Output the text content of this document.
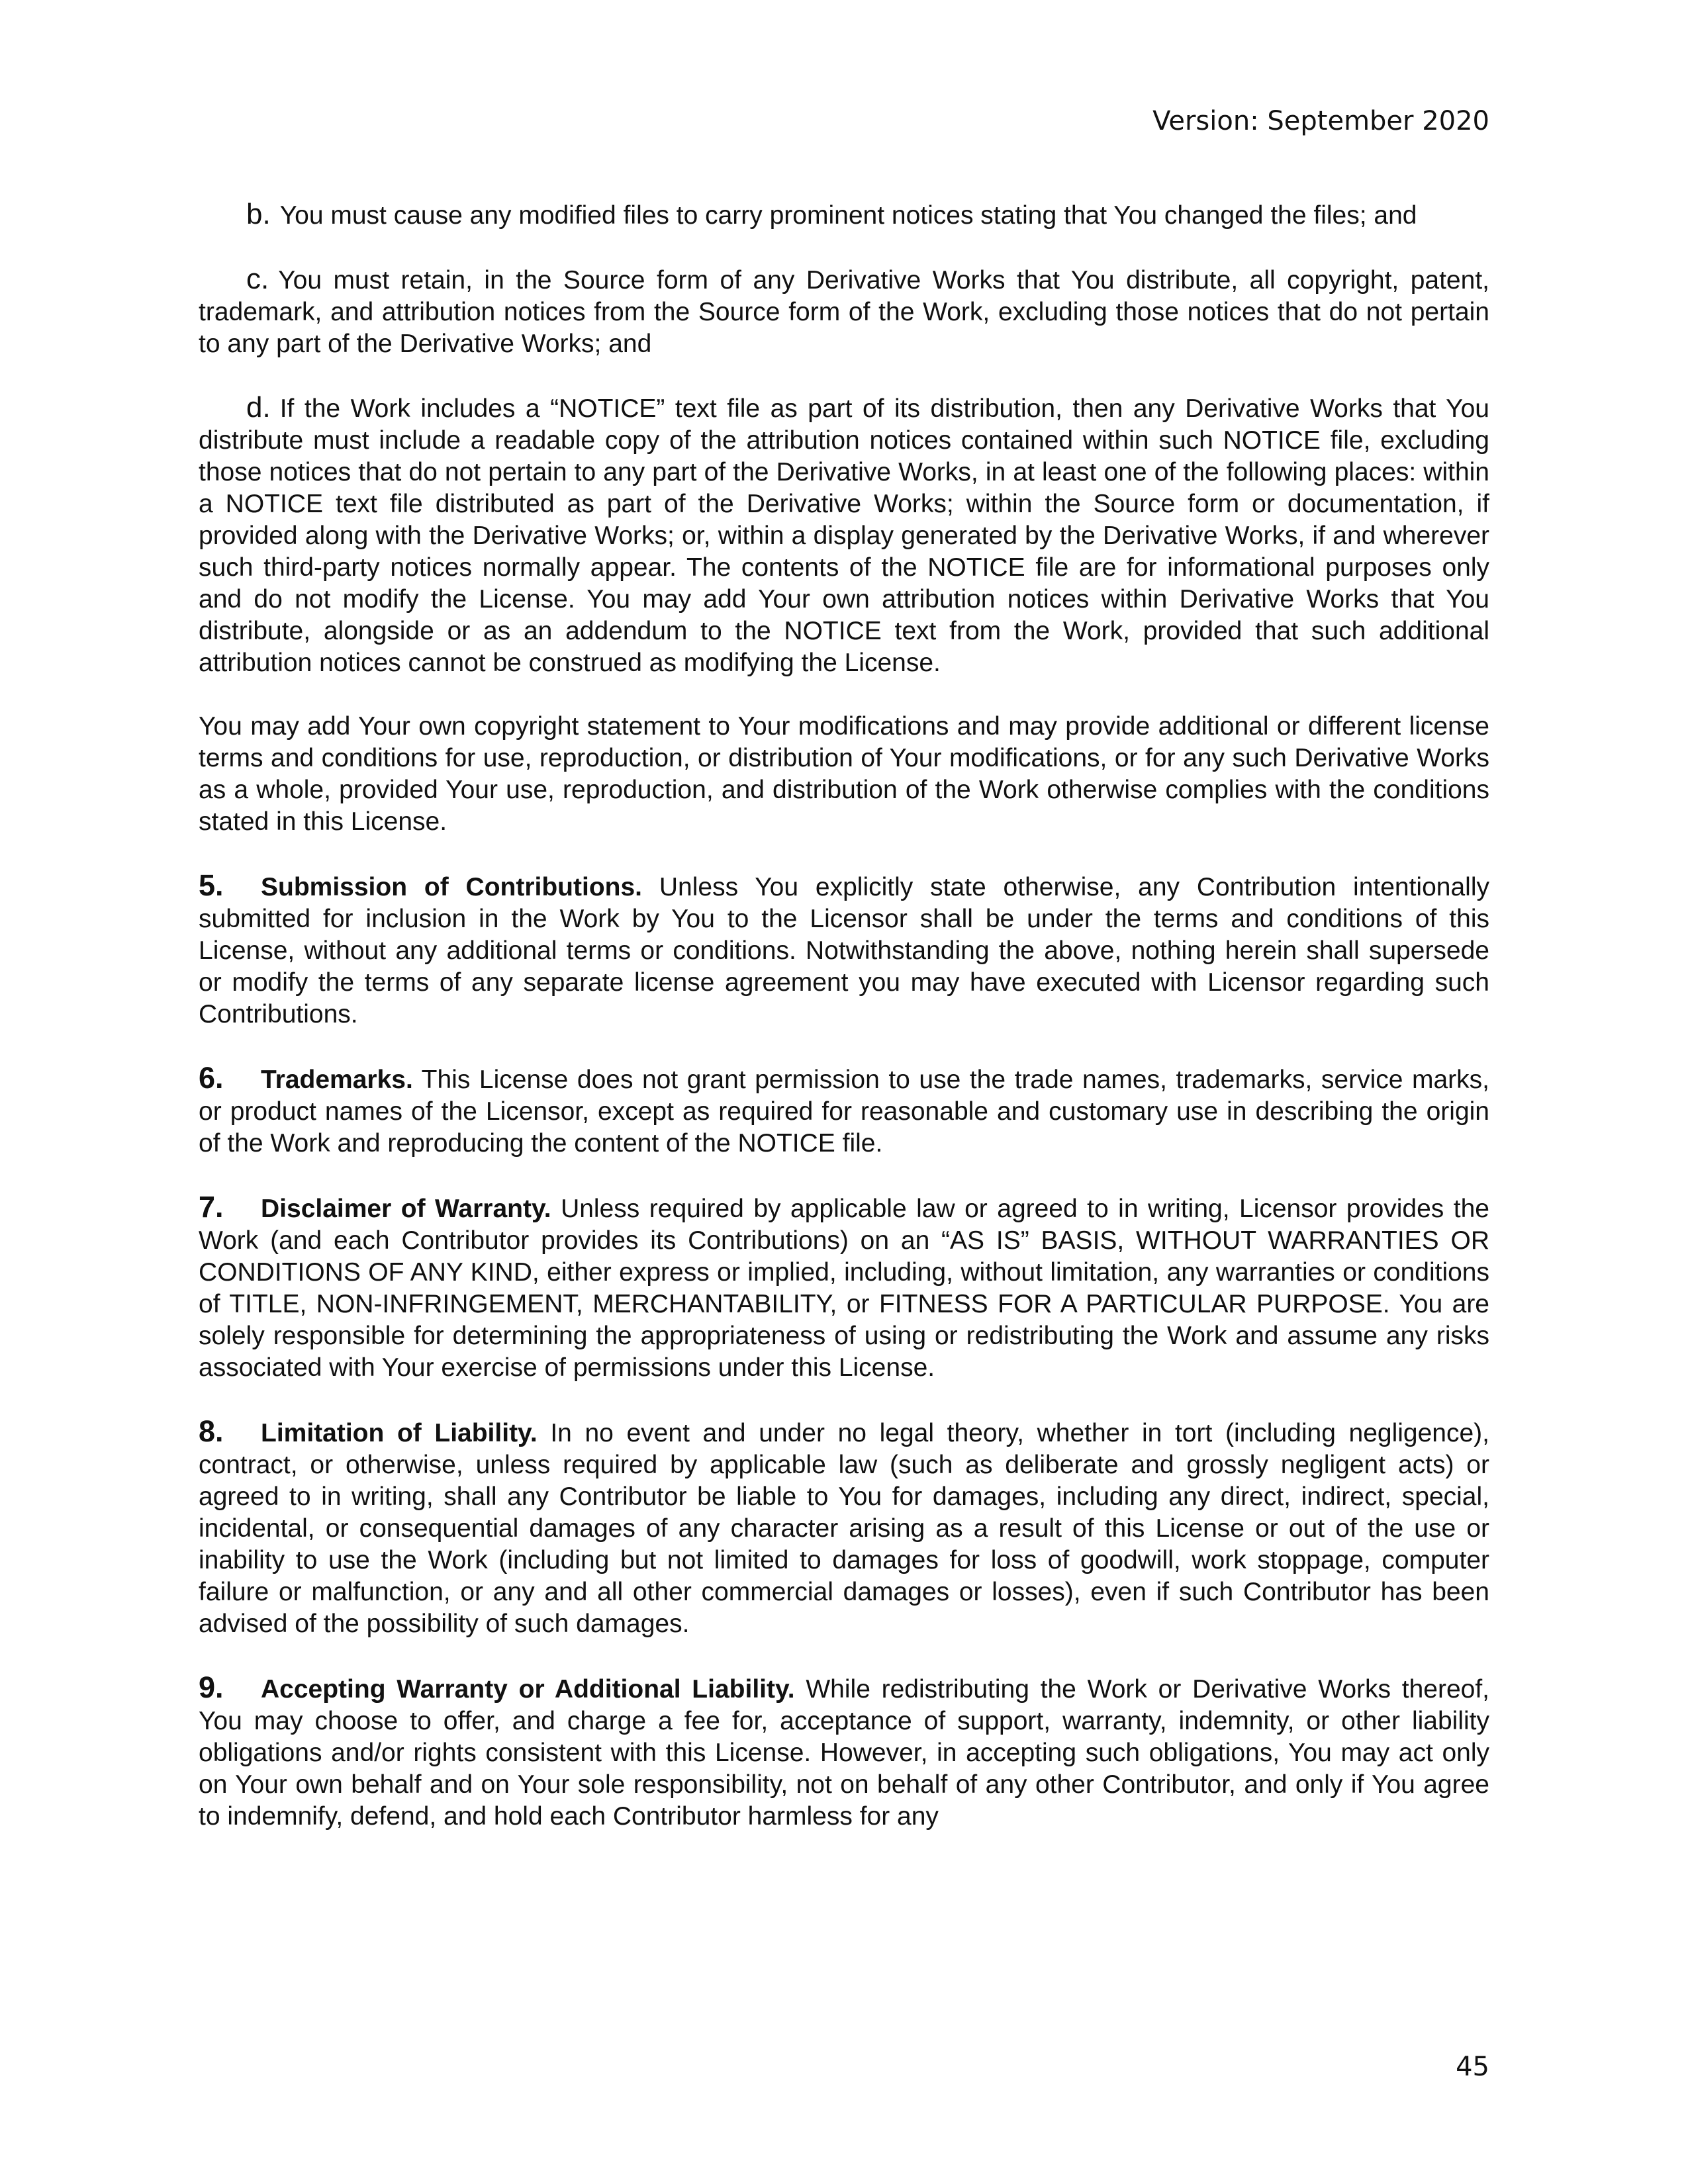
Version: September 2020

b. You must cause any modified files to carry prominent notices stating that You changed the files; and

c. You must retain, in the Source form of any Derivative Works that You distribute, all copyright, patent, trademark, and attribution notices from the Source form of the Work, excluding those notices that do not pertain to any part of the Derivative Works; and

d. If the Work includes a “NOTICE” text file as part of its distribution, then any Derivative Works that You distribute must include a readable copy of the attribution notices contained within such NOTICE file, excluding those notices that do not pertain to any part of the Derivative Works, in at least one of the following places: within a NOTICE text file distributed as part of the Derivative Works; within the Source form or documentation, if provided along with the Derivative Works; or, within a display generated by the Derivative Works, if and wherever such third-party notices normally appear. The contents of the NOTICE file are for informational purposes only and do not modify the License. You may add Your own attribution notices within Derivative Works that You distribute, alongside or as an addendum to the NOTICE text from the Work, provided that such additional attribution notices cannot be construed as modifying the License.

You may add Your own copyright statement to Your modifications and may provide additional or different license terms and conditions for use, reproduction, or distribution of Your modifications, or for any such Derivative Works as a whole, provided Your use, reproduction, and distribution of the Work otherwise complies with the conditions stated in this License.

5. Submission of Contributions. Unless You explicitly state otherwise, any Contribution intentionally submitted for inclusion in the Work by You to the Licensor shall be under the terms and conditions of this License, without any additional terms or conditions. Notwithstanding the above, nothing herein shall supersede or modify the terms of any separate license agreement you may have executed with Licensor regarding such Contributions.

6. Trademarks. This License does not grant permission to use the trade names, trademarks, service marks, or product names of the Licensor, except as required for reasonable and customary use in describing the origin of the Work and reproducing the content of the NOTICE file.

7. Disclaimer of Warranty. Unless required by applicable law or agreed to in writing, Licensor provides the Work (and each Contributor provides its Contributions) on an “AS IS” BASIS, WITHOUT WARRANTIES OR CONDITIONS OF ANY KIND, either express or implied, including, without limitation, any warranties or conditions of TITLE, NON-INFRINGEMENT, MERCHANTABILITY, or FITNESS FOR A PARTICULAR PURPOSE. You are solely responsible for determining the appropriateness of using or redistributing the Work and assume any risks associated with Your exercise of permissions under this License.

8. Limitation of Liability. In no event and under no legal theory, whether in tort (including negligence), contract, or otherwise, unless required by applicable law (such as deliberate and grossly negligent acts) or agreed to in writing, shall any Contributor be liable to You for damages, including any direct, indirect, special, incidental, or consequential damages of any character arising as a result of this License or out of the use or inability to use the Work (including but not limited to damages for loss of goodwill, work stoppage, computer failure or malfunction, or any and all other commercial damages or losses), even if such Contributor has been advised of the possibility of such damages.

9. Accepting Warranty or Additional Liability. While redistributing the Work or Derivative Works thereof, You may choose to offer, and charge a fee for, acceptance of support, warranty, indemnity, or other liability obligations and/or rights consistent with this License. However, in accepting such obligations, You may act only on Your own behalf and on Your sole responsibility, not on behalf of any other Contributor, and only if You agree to indemnify, defend, and hold each Contributor harmless for any

45
